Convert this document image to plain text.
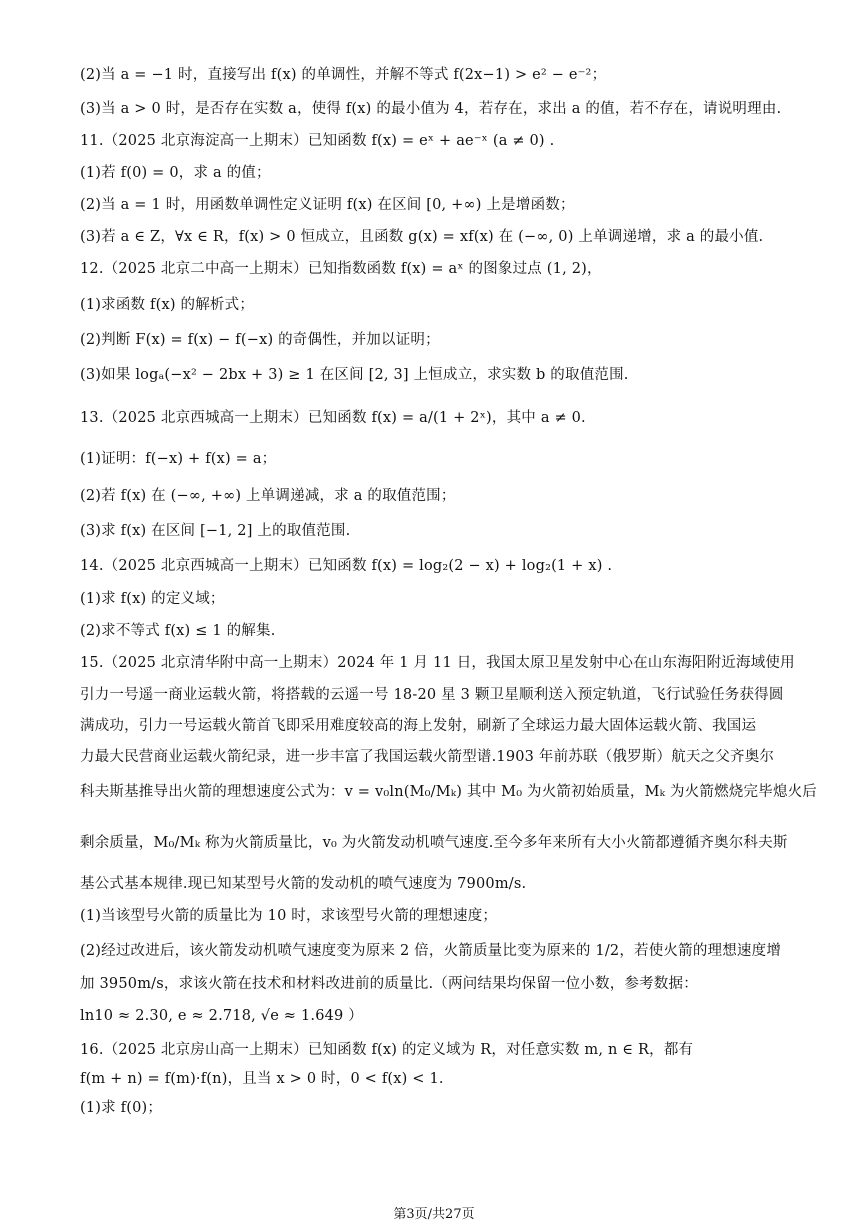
(2)当 a = −1 时，直接写出 f(x) 的单调性，并解不等式 f(2x−1) > e² − e⁻²；
(3)当 a > 0 时，是否存在实数 a，使得 f(x) 的最小值为 4，若存在，求出 a 的值，若不存在，请说明理由.
11.（2025 北京海淀高一上期末）已知函数 f(x) = eˣ + ae⁻ˣ (a ≠ 0) .
(1)若 f(0) = 0，求 a 的值；
(2)当 a = 1 时，用函数单调性定义证明 f(x) 在区间 [0, +∞) 上是增函数；
(3)若 a ∈ Z，∀x ∈ R，f(x) > 0 恒成立，且函数 g(x) = xf(x) 在 (−∞, 0) 上单调递增，求 a 的最小值.
12.（2025 北京二中高一上期末）已知指数函数 f(x) = aˣ 的图象过点 (1, 2)，
(1)求函数 f(x) 的解析式；
(2)判断 F(x) = f(x) − f(−x) 的奇偶性，并加以证明；
(3)如果 logₐ(−x² − 2bx + 3) ≥ 1 在区间 [2, 3] 上恒成立，求实数 b 的取值范围.
13.（2025 北京西城高一上期末）已知函数 f(x) = a/(1 + 2ˣ)，其中 a ≠ 0.
(1)证明：f(−x) + f(x) = a；
(2)若 f(x) 在 (−∞, +∞) 上单调递减，求 a 的取值范围；
(3)求 f(x) 在区间 [−1, 2] 上的取值范围.
14.（2025 北京西城高一上期末）已知函数 f(x) = log₂(2 − x) + log₂(1 + x) .
(1)求 f(x) 的定义域；
(2)求不等式 f(x) ≤ 1 的解集.
15.（2025 北京清华附中高一上期末）2024 年 1 月 11 日，我国太原卫星发射中心在山东海阳附近海域使用
引力一号遥一商业运载火箭，将搭载的云遥一号 18-20 星 3 颗卫星顺利送入预定轨道，飞行试验任务获得圆
满成功，引力一号运载火箭首飞即采用难度较高的海上发射，刷新了全球运力最大固体运载火箭、我国运
力最大民营商业运载火箭纪录，进一步丰富了我国运载火箭型谱.1903 年前苏联（俄罗斯）航天之父齐奥尔
科夫斯基推导出火箭的理想速度公式为：v = v₀ln(M₀/Mₖ) 其中 M₀ 为火箭初始质量，Mₖ 为火箭燃烧完毕熄火后
剩余质量，M₀/Mₖ 称为火箭质量比，v₀ 为火箭发动机喷气速度.至今多年来所有大小火箭都遵循齐奥尔科夫斯
基公式基本规律.现已知某型号火箭的发动机的喷气速度为 7900m/s.
(1)当该型号火箭的质量比为 10 时，求该型号火箭的理想速度；
(2)经过改进后，该火箭发动机喷气速度变为原来 2 倍，火箭质量比变为原来的 1/2，若使火箭的理想速度增
加 3950m/s，求该火箭在技术和材料改进前的质量比.（两问结果均保留一位小数，参考数据：
ln10 ≈ 2.30, e ≈ 2.718, √e ≈ 1.649 ）
16.（2025 北京房山高一上期末）已知函数 f(x) 的定义域为 R，对任意实数 m, n ∈ R，都有
f(m + n) = f(m)·f(n)，且当 x > 0 时，0 < f(x) < 1.
(1)求 f(0)；
第3页/共27页
